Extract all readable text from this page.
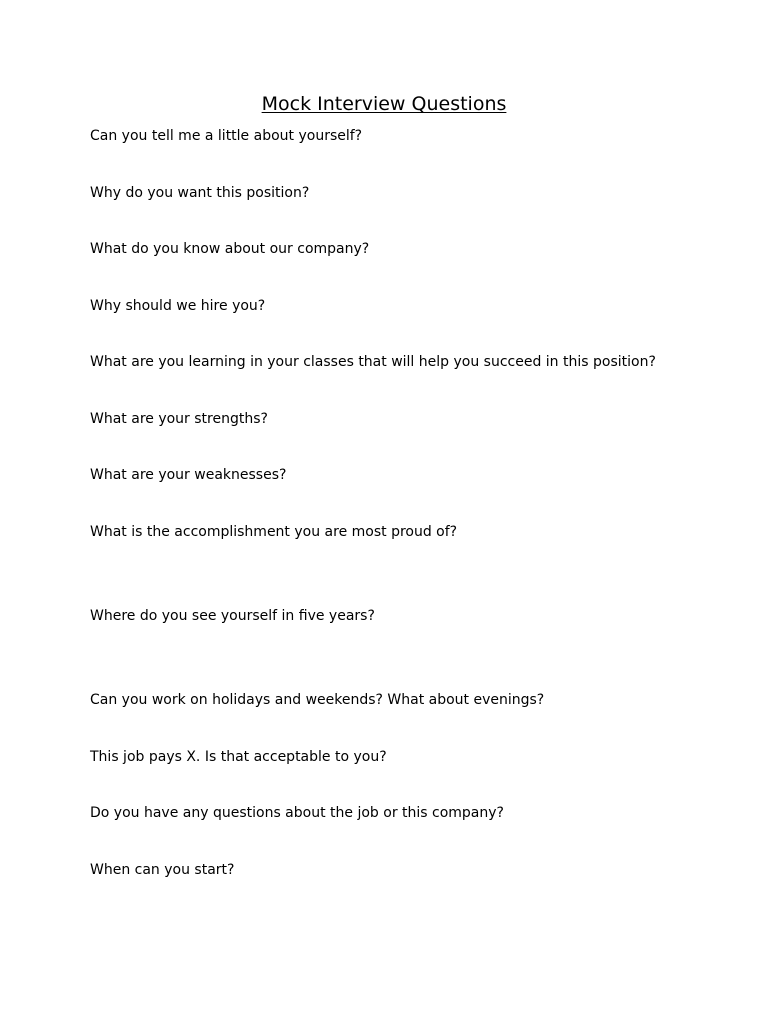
Mock Interview Questions

Can you tell me a little about yourself?

Why do you want this position?

What do you know about our company?

Why should we hire you?

What are you learning in your classes that will help you succeed in this position?

What are your strengths?

What are your weaknesses?

What is the accomplishment you are most proud of?

Where do you see yourself in five years?

Can you work on holidays and weekends? What about evenings?

This job pays X. Is that acceptable to you?

Do you have any questions about the job or this company?

When can you start?
